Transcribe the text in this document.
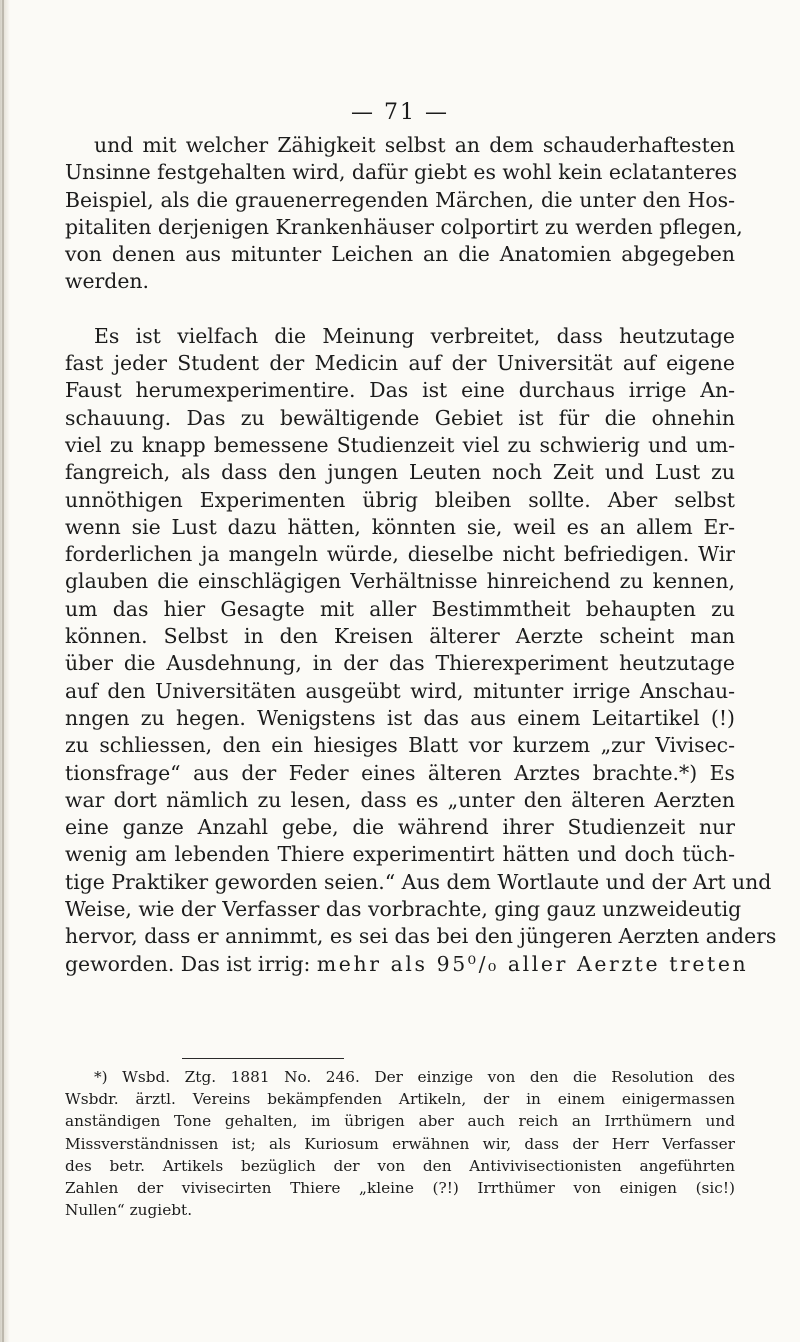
— 71 —
und mit welcher Zähigkeit selbst an dem schauderhaftesten
Unsinne festgehalten wird, dafür giebt es wohl kein eclatanteres
Beispiel, als die grauenerregenden Märchen, die unter den Hos-
pitaliten derjenigen Krankenhäuser colportirt zu werden pflegen,
von denen aus mitunter Leichen an die Anatomien abgegeben
werden.
Es ist vielfach die Meinung verbreitet, dass heutzutage
fast jeder Student der Medicin auf der Universität auf eigene
Faust herumexperimentire. Das ist eine durchaus irrige An-
schauung. Das zu bewältigende Gebiet ist für die ohnehin
viel zu knapp bemessene Studienzeit viel zu schwierig und um-
fangreich, als dass den jungen Leuten noch Zeit und Lust zu
unnöthigen Experimenten übrig bleiben sollte. Aber selbst
wenn sie Lust dazu hätten, könnten sie, weil es an allem Er-
forderlichen ja mangeln würde, dieselbe nicht befriedigen. Wir
glauben die einschlägigen Verhältnisse hinreichend zu kennen,
um das hier Gesagte mit aller Bestimmtheit behaupten zu
können. Selbst in den Kreisen älterer Aerzte scheint man
über die Ausdehnung, in der das Thierexperiment heutzutage
auf den Universitäten ausgeübt wird, mitunter irrige Anschau-
nngen zu hegen. Wenigstens ist das aus einem Leitartikel (!)
zu schliessen, den ein hiesiges Blatt vor kurzem „zur Vivisec-
tionsfrage“ aus der Feder eines älteren Arztes brachte.*) Es
war dort nämlich zu lesen, dass es „unter den älteren Aerzten
eine ganze Anzahl gebe, die während ihrer Studienzeit nur
wenig am lebenden Thiere experimentirt hätten und doch tüch-
tige Praktiker geworden seien.“ Aus dem Wortlaute und der Art und
Weise, wie der Verfasser das vorbrachte, ging gauz unzweideutig
hervor, dass er annimmt, es sei das bei den jüngeren Aerzten anders
geworden. Das ist irrig: mehr als 95⁰/₀ aller Aerzte treten
*) Wsbd. Ztg. 1881 No. 246. Der einzige von den die Resolution des
Wsbdr. ärztl. Vereins bekämpfenden Artikeln, der in einem einigermassen
anständigen Tone gehalten, im übrigen aber auch reich an Irrthümern und
Missverständnissen ist; als Kuriosum erwähnen wir, dass der Herr Verfasser
des betr. Artikels bezüglich der von den Antivivisectionisten angeführten
Zahlen der vivisecirten Thiere „kleine (?!) Irrthümer von einigen (sic!)
Nullen“ zugiebt.
